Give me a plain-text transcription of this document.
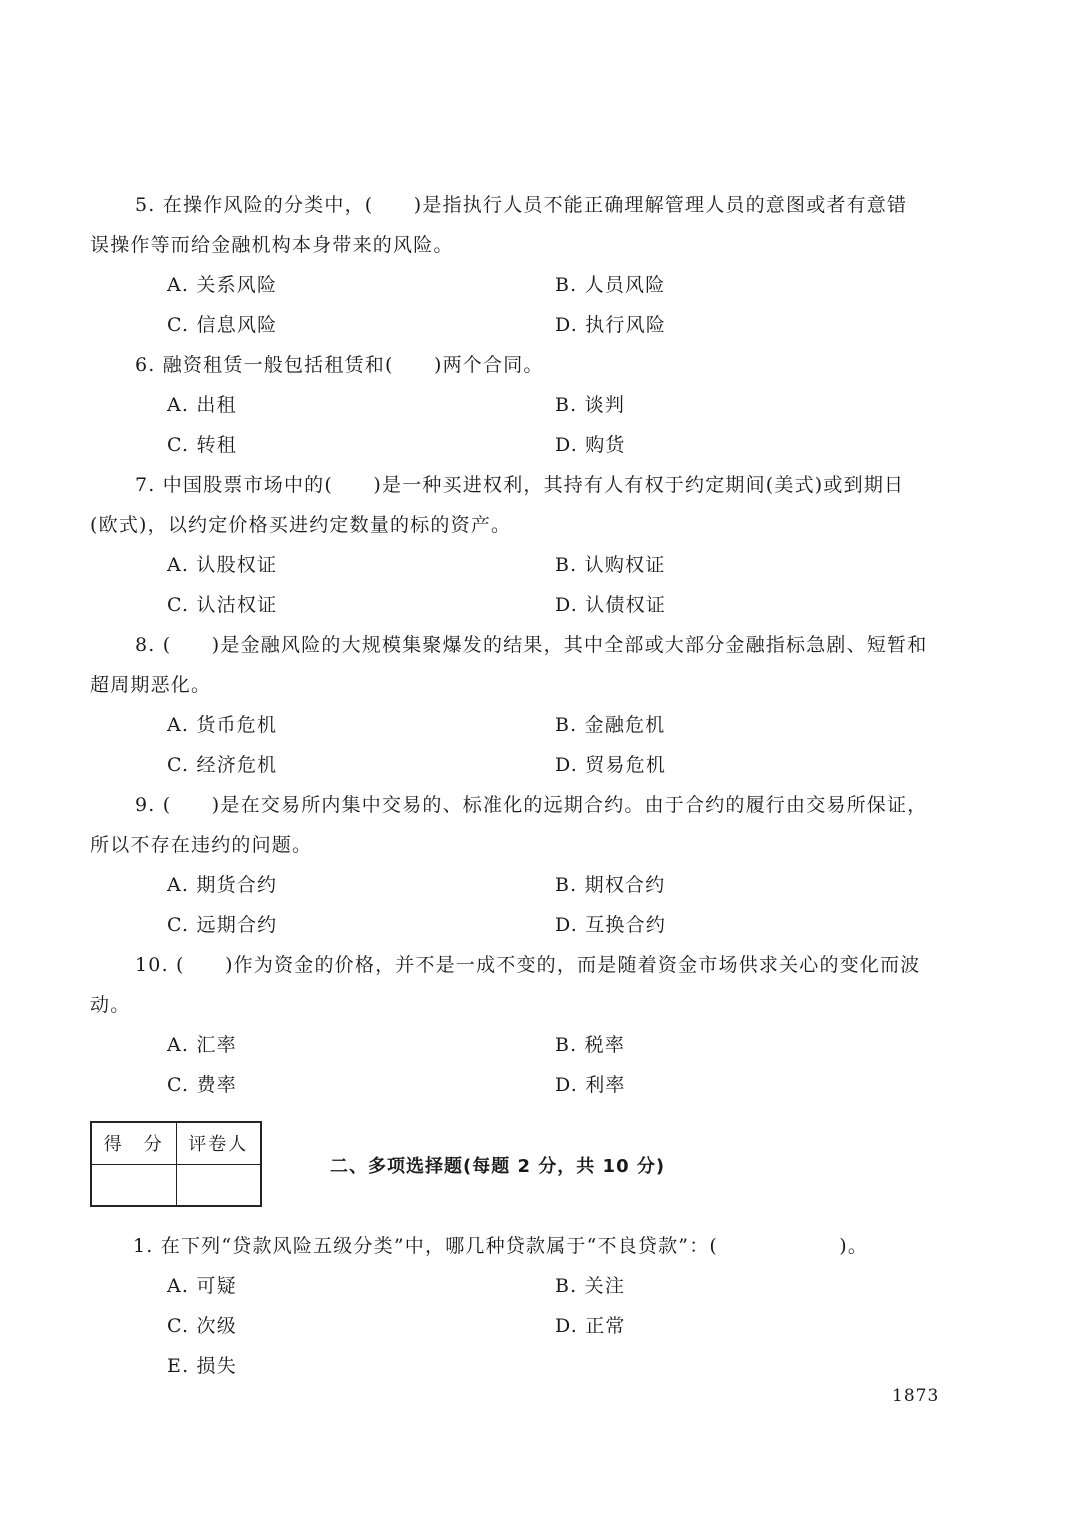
5. 在操作风险的分类中，(　　)是指执行人员不能正确理解管理人员的意图或者有意错
误操作等而给金融机构本身带来的风险。
A. 关系风险	B. 人员风险
C. 信息风险	D. 执行风险
6. 融资租赁一般包括租赁和(　　)两个合同。
A. 出租	B. 谈判
C. 转租	D. 购货
7. 中国股票市场中的(　　)是一种买进权利，其持有人有权于约定期间(美式)或到期日
(欧式)，以约定价格买进约定数量的标的资产。
A. 认股权证	B. 认购权证
C. 认沽权证	D. 认债权证
8. (　　)是金融风险的大规模集聚爆发的结果，其中全部或大部分金融指标急剧、短暂和
超周期恶化。
A. 货币危机	B. 金融危机
C. 经济危机	D. 贸易危机
9. (　　)是在交易所内集中交易的、标准化的远期合约。由于合约的履行由交易所保证，
所以不存在违约的问题。
A. 期货合约	B. 期权合约
C. 远期合约	D. 互换合约
10. (　　)作为资金的价格，并不是一成不变的，而是随着资金市场供求关心的变化而波
动。
A. 汇率	B. 税率
C. 费率	D. 利率
得　分	评卷人

二、多项选择题(每题 2 分，共 10 分)
1. 在下列“贷款风险五级分类”中，哪几种贷款属于“不良贷款”：(　　　　　　)。
A. 可疑	B. 关注
C. 次级	D. 正常
E. 损失
1873
